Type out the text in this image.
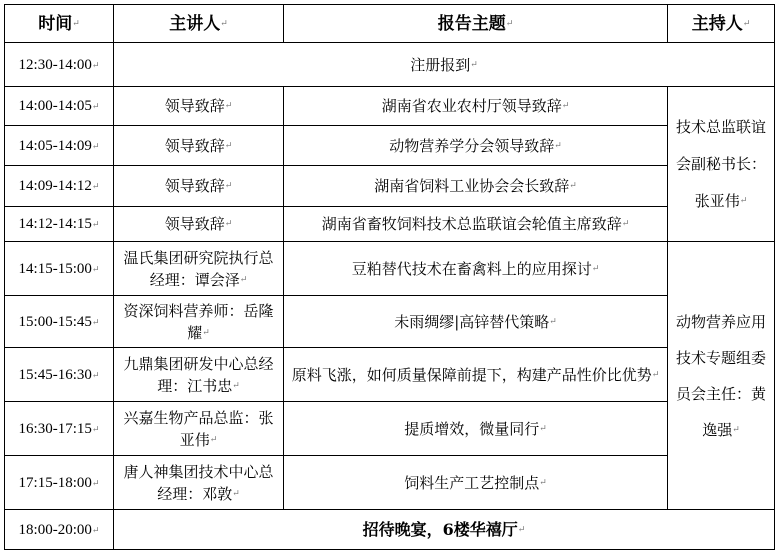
时间 ↵	主讲人 ↵	报告主题 ↵	主持人 ↵
12:30-14:00 ↵	注册报到 ↵
14:00-14:05 ↵	领导致辞 ↵	湖南省农业农村厅领导致辞 ↵	技术总监联谊会副秘书长：张亚伟 ↵
14:05-14:09 ↵	领导致辞 ↵	动物营养学分会领导致辞 ↵
14:09-14:12 ↵	领导致辞 ↵	湖南省饲料工业协会会长致辞 ↵
14:12-14:15 ↵	领导致辞 ↵	湖南省畜牧饲料技术总监联谊会轮值主席致辞 ↵
14:15-15:00 ↵	温氏集团研究院执行总经理：谭会泽 ↵	豆粕替代技术在畜禽料上的应用探讨 ↵	动物营养应用技术专题组委员会主任：黄逸强 ↵
15:00-15:45 ↵	资深饲料营养师：岳隆耀 ↵	未雨绸缪|高锌替代策略 ↵
15:45-16:30 ↵	九鼎集团研发中心总经理：江书忠 ↵	原料飞涨，如何质量保障前提下，构建产品性价比优势 ↵
16:30-17:15 ↵	兴嘉生物产品总监：张亚伟 ↵	提质增效，微量同行 ↵
17:15-18:00 ↵	唐人神集团技术中心总经理：邓敦 ↵	饲料生产工艺控制点 ↵
18:00-20:00 ↵	招待晚宴，6楼华禧厅 ↵
